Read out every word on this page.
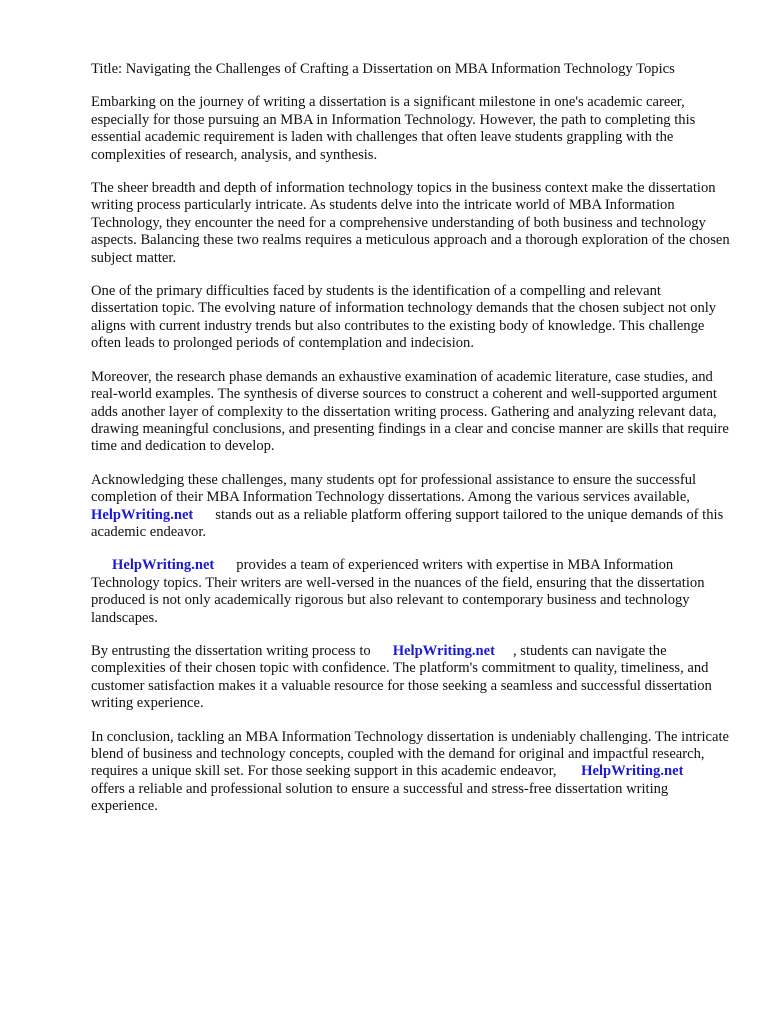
Title: Navigating the Challenges of Crafting a Dissertation on MBA Information Technology Topics

Embarking on the journey of writing a dissertation is a significant milestone in one's academic career, especially for those pursuing an MBA in Information Technology. However, the path to completing this essential academic requirement is laden with challenges that often leave students grappling with the complexities of research, analysis, and synthesis.

The sheer breadth and depth of information technology topics in the business context make the dissertation writing process particularly intricate. As students delve into the intricate world of MBA Information Technology, they encounter the need for a comprehensive understanding of both business and technology aspects. Balancing these two realms requires a meticulous approach and a thorough exploration of the chosen subject matter.

One of the primary difficulties faced by students is the identification of a compelling and relevant dissertation topic. The evolving nature of information technology demands that the chosen subject not only aligns with current industry trends but also contributes to the existing body of knowledge. This challenge often leads to prolonged periods of contemplation and indecision.

Moreover, the research phase demands an exhaustive examination of academic literature, case studies, and real-world examples. The synthesis of diverse sources to construct a coherent and well-supported argument adds another layer of complexity to the dissertation writing process. Gathering and analyzing relevant data, drawing meaningful conclusions, and presenting findings in a clear and concise manner are skills that require time and dedication to develop.

Acknowledging these challenges, many students opt for professional assistance to ensure the successful completion of their MBA Information Technology dissertations. Among the various services available,HelpWriting.net stands out as a reliable platform offering support tailored to the unique demands of this academic endeavor.

HelpWriting.net provides a team of experienced writers with expertise in MBA Information Technology topics. Their writers are well-versed in the nuances of the field, ensuring that the dissertation produced is not only academically rigorous but also relevant to contemporary business and technology landscapes.

By entrusting the dissertation writing process to HelpWriting.net , students can navigate the complexities of their chosen topic with confidence. The platform's commitment to quality, timeliness, and customer satisfaction makes it a valuable resource for those seeking a seamless and successful dissertation writing experience.

In conclusion, tackling an MBA Information Technology dissertation is undeniably challenging. The intricate blend of business and technology concepts, coupled with the demand for original and impactful research, requires a unique skill set. For those seeking support in this academic endeavor, HelpWriting.netoffers a reliable and professional solution to ensure a successful and stress-free dissertation writing experience.
